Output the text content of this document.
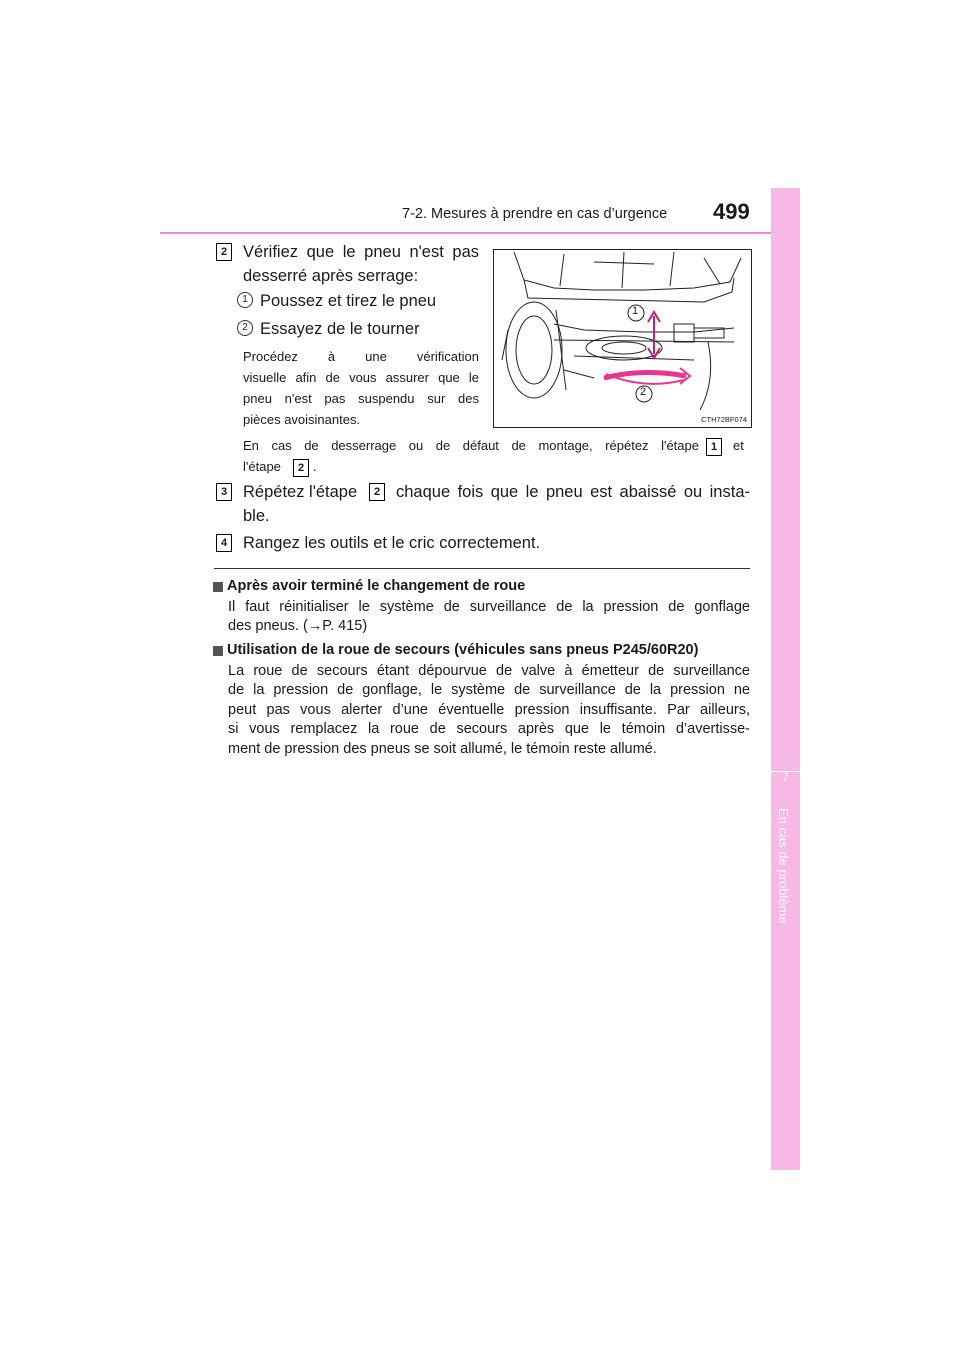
7-2. Mesures à prendre en cas d’urgence 499
7
En cas de problème
2 Vérifiez que le pneu n'est pas
desserré après serrage:
1 Poussez et tirez le pneu
2 Essayez de le tourner
Procédez à une vérification
visuelle afin de vous assurer que le
pneu n'est pas suspendu sur des
pièces avoisinantes.
En cas de desserrage ou de défaut de montage, répétez l'étape	1	et
l'étape	2 .
1
2
CTH72BF074
3 Répétez l'étape	2 chaque fois que le pneu est abaissé ou insta-
ble.
4 Rangez les outils et le cric correctement.
Après avoir terminé le changement de roue
Il faut réinitialiser le système de surveillance de la pression de gonflage
des pneus. (→P. 415)
Utilisation de la roue de secours (véhicules sans pneus P245/60R20)
La roue de secours étant dépourvue de valve à émetteur de surveillance
de la pression de gonflage, le système de surveillance de la pression ne
peut pas vous alerter d’une éventuelle pression insuffisante. Par ailleurs,
si vous remplacez la roue de secours après que le témoin d’avertisse-
ment de pression des pneus se soit allumé, le témoin reste allumé.
